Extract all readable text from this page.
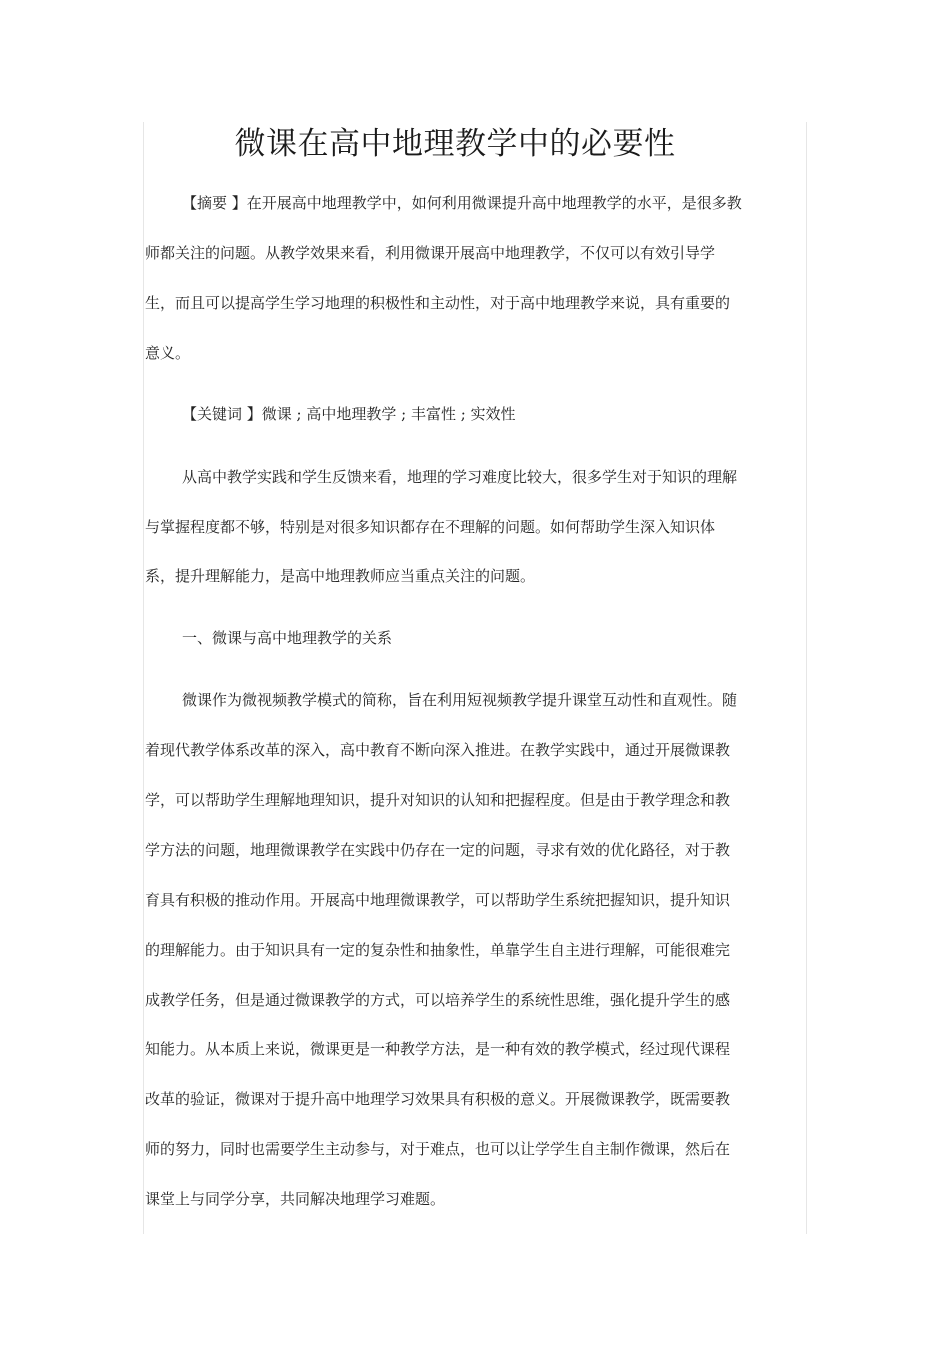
微课在高中地理教学中的必要性
【摘要 】在开展高中地理教学中，如何利用微课提升高中地理教学的水平，是很多教
师都关注的问题。从教学效果来看，利用微课开展高中地理教学，不仅可以有效引导学
生，而且可以提高学生学习地理的积极性和主动性，对于高中地理教学来说，具有重要的
意义。
【关键词 】微课 ; 高中地理教学 ; 丰富性 ; 实效性
从高中教学实践和学生反馈来看，地理的学习难度比较大，很多学生对于知识的理解
与掌握程度都不够，特别是对很多知识都存在不理解的问题。如何帮助学生深入知识体
系，提升理解能力，是高中地理教师应当重点关注的问题。
一、微课与高中地理教学的关系
微课作为微视频教学模式的简称，旨在利用短视频教学提升课堂互动性和直观性。随
着现代教学体系改革的深入，高中教育不断向深入推进。在教学实践中，通过开展微课教
学，可以帮助学生理解地理知识，提升对知识的认知和把握程度。但是由于教学理念和教
学方法的问题，地理微课教学在实践中仍存在一定的问题，寻求有效的优化路径，对于教
育具有积极的推动作用。开展高中地理微课教学，可以帮助学生系统把握知识，提升知识
的理解能力。由于知识具有一定的复杂性和抽象性，单靠学生自主进行理解，可能很难完
成教学任务，但是通过微课教学的方式，可以培养学生的系统性思维，强化提升学生的感
知能力。从本质上来说，微课更是一种教学方法，是一种有效的教学模式，经过现代课程
改革的验证，微课对于提升高中地理学习效果具有积极的意义。开展微课教学，既需要教
师的努力，同时也需要学生主动参与，对于难点，也可以让学学生自主制作微课，然后在
课堂上与同学分享，共同解决地理学习难题。
